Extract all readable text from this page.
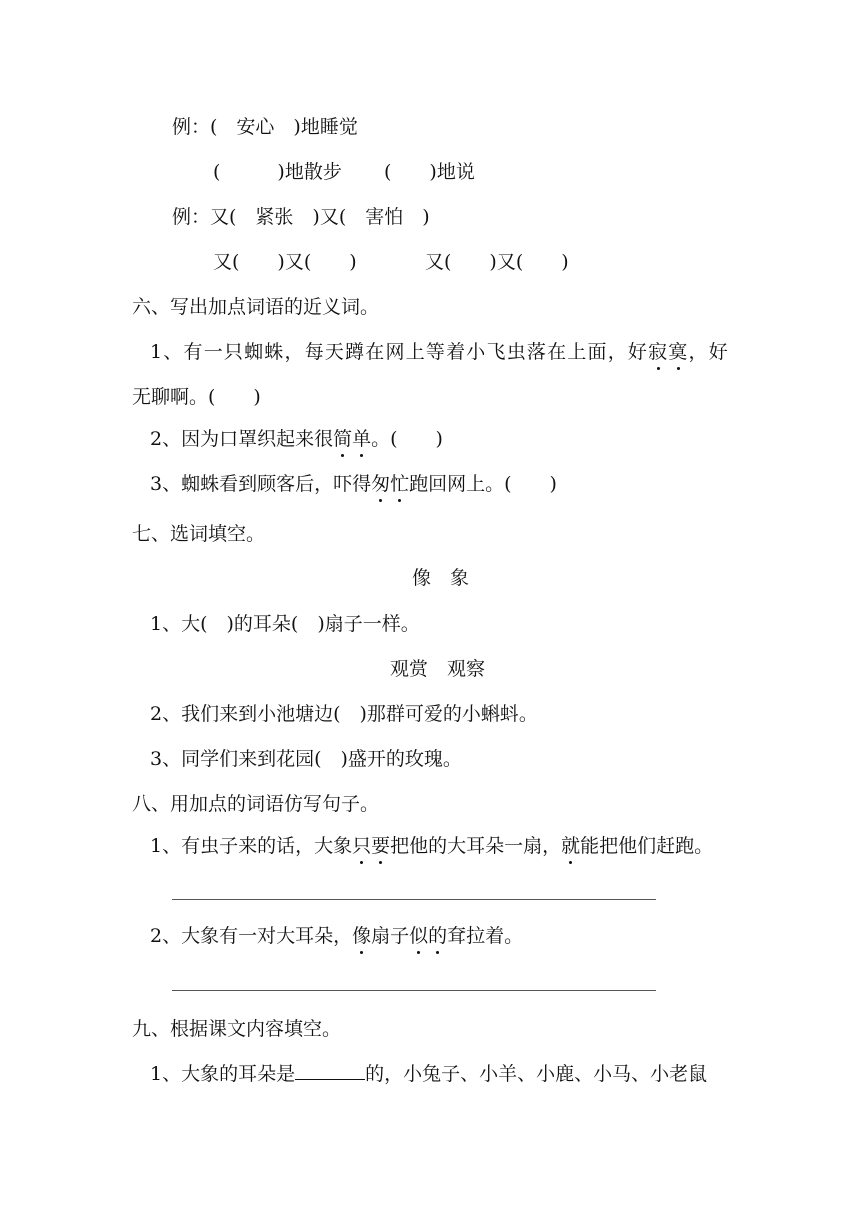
例：(　安心　)地睡觉
(　　　)地散步 (　　)地说
例：又(　紧张　)又(　害怕　)
又(　　)又(　　)	又(　　)又(　　)
六、写出加点词语的近义词。
1、有一只蜘蛛，每天蹲在网上等着小飞虫落在上面，好寂寞，好
无聊啊。(　　)
2、因为口罩织起来很简单。(　　)
3、蜘蛛看到顾客后，吓得匆忙跑回网上。(　　)
七、选词填空。
像　象
1、大(　)的耳朵(　)扇子一样。
观赏　观察
2、我们来到小池塘边(　)那群可爱的小蝌蚪。
3、同学们来到花园(　)盛开的玫瑰。
八、用加点的词语仿写句子。
1、有虫子来的话，大象只要把他的大耳朵一扇，就能把他们赶跑。
2、大象有一对大耳朵，像扇子似的耷拉着。
九、根据课文内容填空。
1、大象的耳朵是	的，小兔子、小羊、小鹿、小马、小老鼠
